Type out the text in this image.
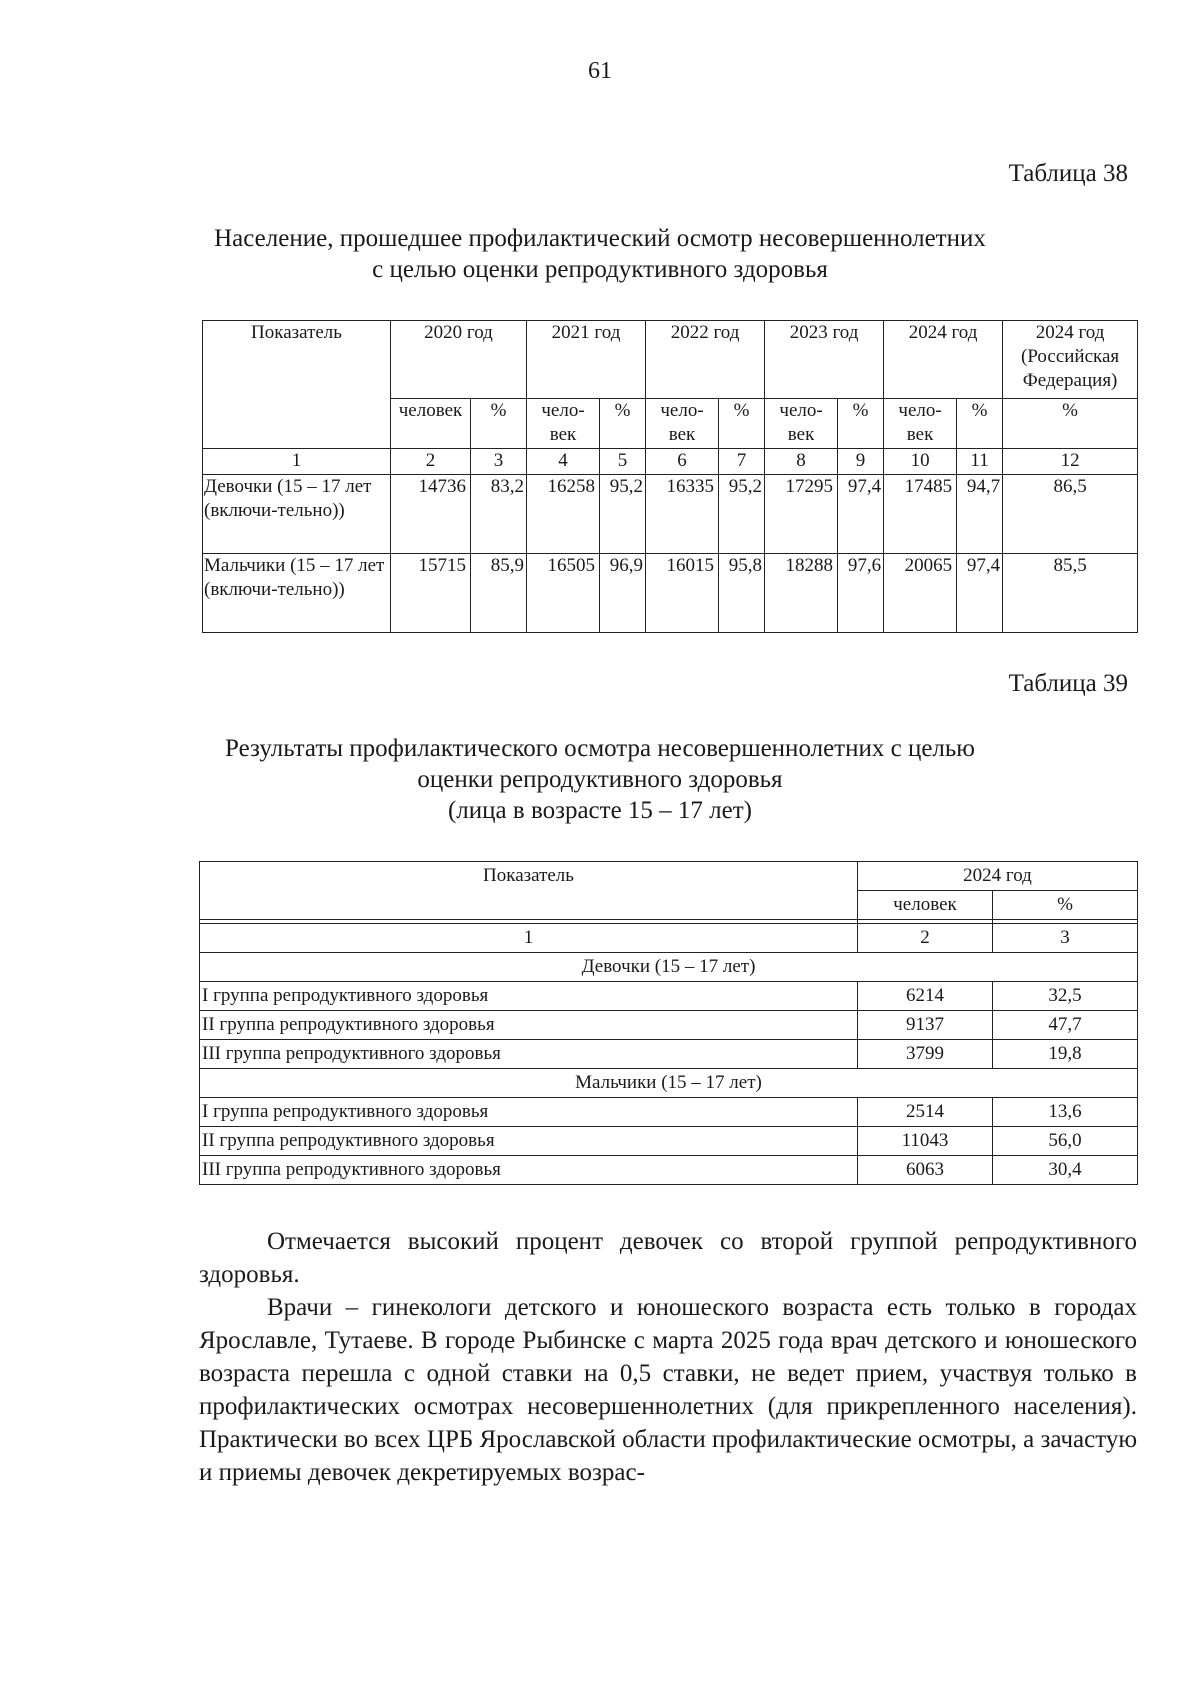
61
Таблица 38
Население, прошедшее профилактический осмотр несовершеннолетних
с целью оценки репродуктивного здоровья
Показатель	2020 год		2021 год		2022 год		2023 год		2024 год		2024 год (Российская Федерация)
	человек	%	чело- век	%	чело- век	%	чело- век	%	чело- век	%	%
1	2	3	4	5	6	7	8	9	10	11	12
Девочки (15 – 17 лет (включи-тельно))	14736	83,2	16258	95,2	16335	95,2	17295	97,4	17485	94,7	86,5
Мальчики (15 – 17 лет (включи-тельно))	15715	85,9	16505	96,9	16015	95,8	18288	97,6	20065	97,4	85,5
Таблица 39
Результаты профилактического осмотра несовершеннолетних с целью
оценки репродуктивного здоровья
(лица в возрасте 15 – 17 лет)
Показатель	2024 год	
	человек	%

1	2	3
Девочки (15 – 17 лет)		
I группа репродуктивного здоровья	6214	32,5
II группа репродуктивного здоровья	9137	47,7
III группа репродуктивного здоровья	3799	19,8
Мальчики (15 – 17 лет)		
I группа репродуктивного здоровья	2514	13,6
II группа репродуктивного здоровья	11043	56,0
III группа репродуктивного здоровья	6063	30,4
Отмечается высокий процент девочек со второй группой репродуктивного здоровья.
Врачи – гинекологи детского и юношеского возраста есть только в городах Ярославле, Тутаеве. В городе Рыбинске с марта 2025 года врач детского и юношеского возраста перешла с одной ставки на 0,5 ставки, не ведет прием, участвуя только в профилактических осмотрах несовершеннолетних (для прикрепленного населения). Практически во всех ЦРБ Ярославской области профилактические осмотры, а зачастую и приемы девочек декретируемых возрас-
